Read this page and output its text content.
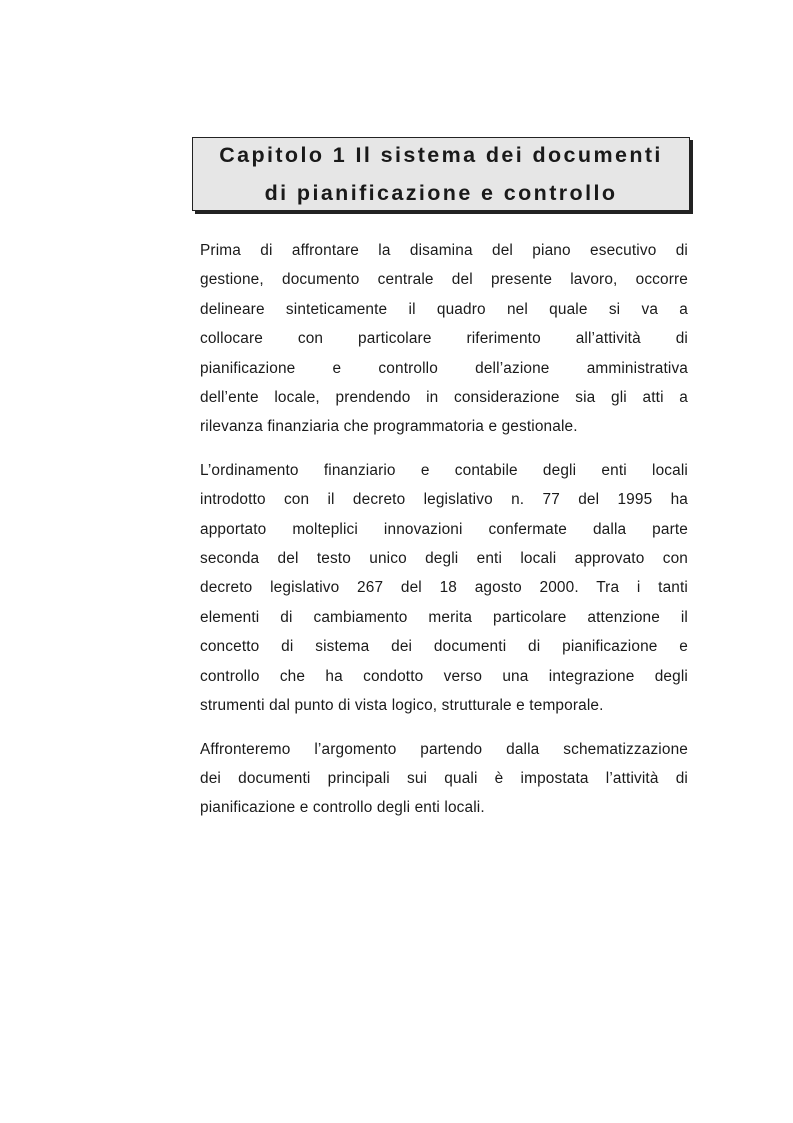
Capitolo 1 Il sistema dei documenti
di pianificazione e controllo
Prima di affrontare la disamina del piano esecutivo di
gestione, documento centrale del presente lavoro, occorre
delineare sinteticamente il quadro nel quale si va a
collocare con particolare riferimento all’attività di
pianificazione e controllo dell’azione amministrativa
dell’ente locale, prendendo in considerazione sia gli atti a
rilevanza finanziaria che programmatoria e gestionale.
L’ordinamento finanziario e contabile degli enti locali
introdotto con il decreto legislativo n. 77 del 1995 ha
apportato molteplici innovazioni confermate dalla parte
seconda del testo unico degli enti locali approvato con
decreto legislativo 267 del 18 agosto 2000. Tra i tanti
elementi di cambiamento merita particolare attenzione il
concetto di sistema dei documenti di pianificazione e
controllo che ha condotto verso una integrazione degli
strumenti dal punto di vista logico, strutturale e temporale.
Affronteremo l’argomento partendo dalla schematizzazione
dei documenti principali sui quali è impostata l’attività di
pianificazione e controllo degli enti locali.
